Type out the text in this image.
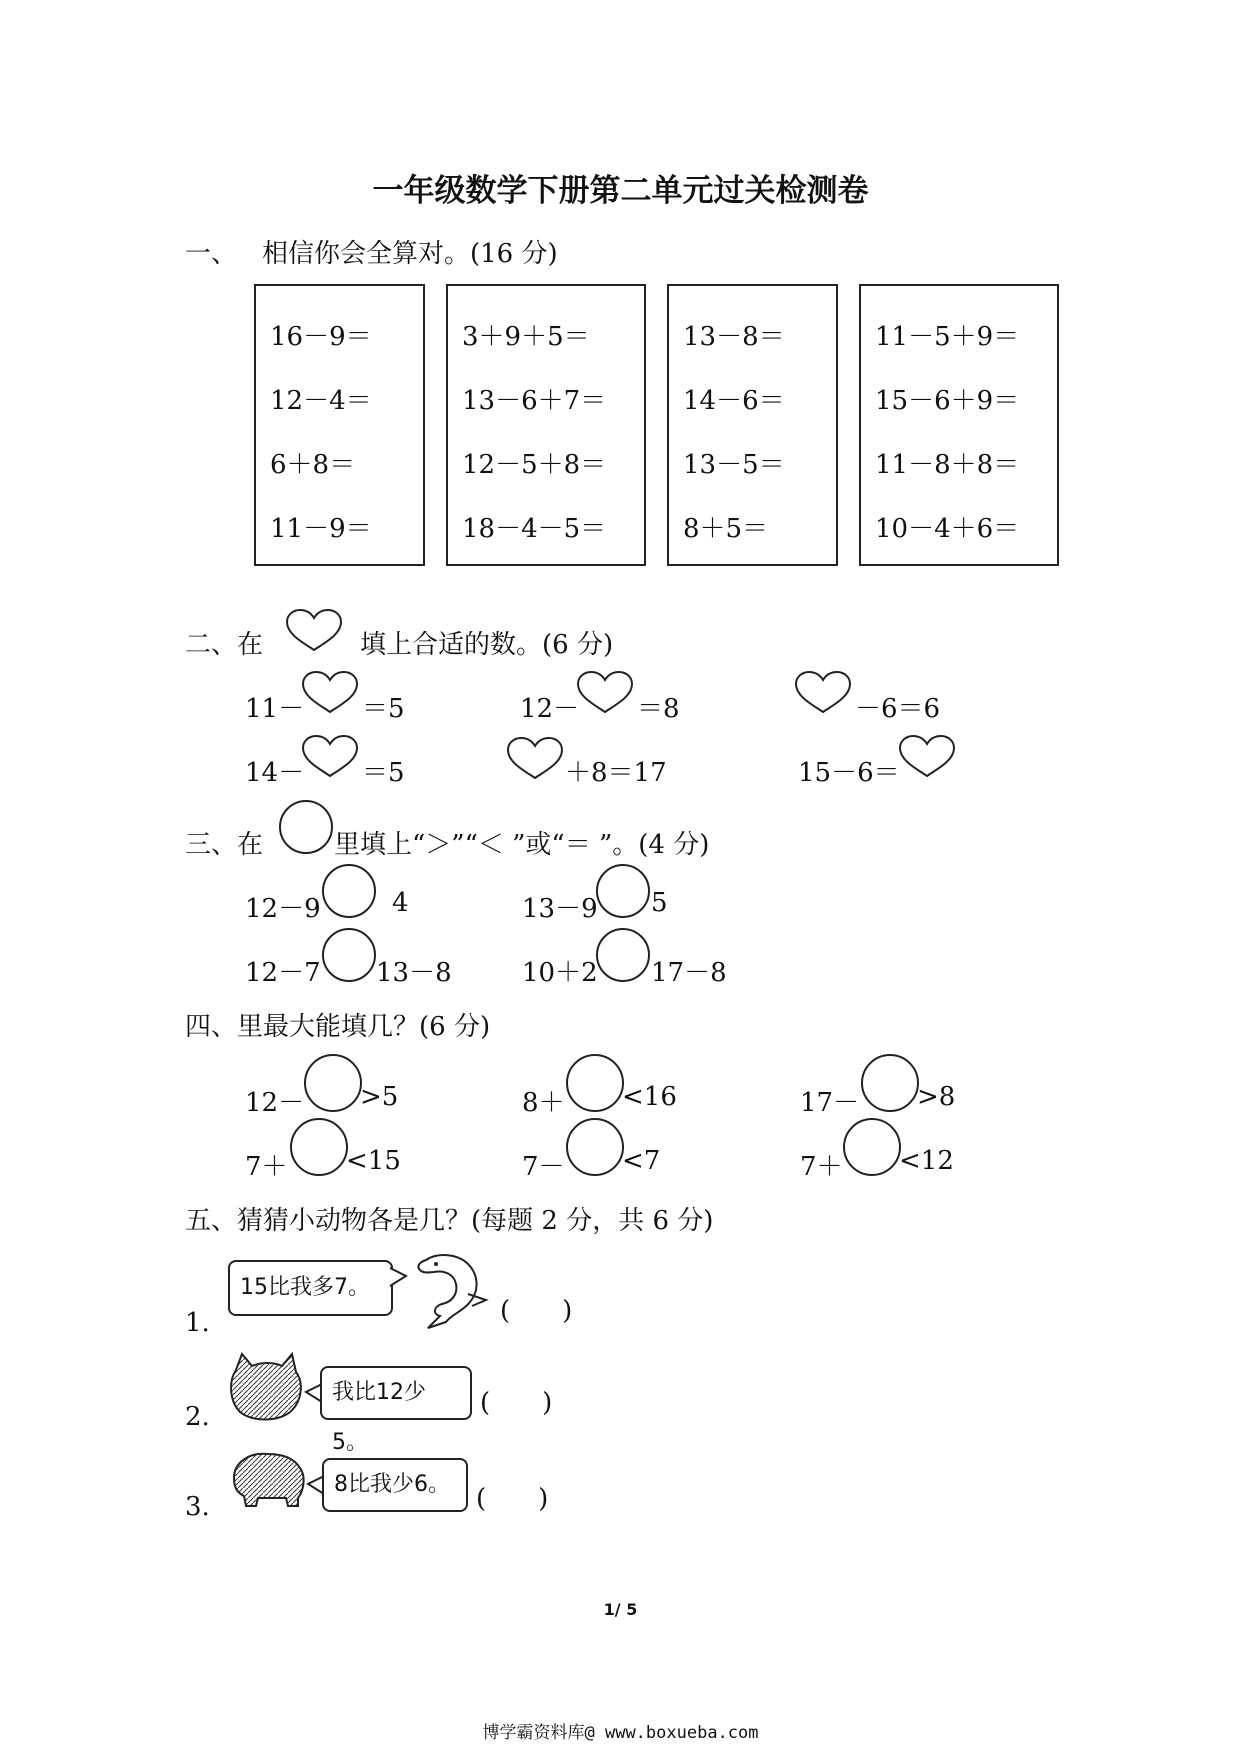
一年级数学下册第二单元过关检测卷
一、 相信你会全算对。(16 分)
16－9＝
12－4＝
6＋8＝
11－9＝
3＋9＋5＝
13－6＋7＝
12－5＋8＝
18－4－5＝
13－8＝
14－6＝
13－5＝
8＋5＝
11－5＋9＝
15－6＋9＝
11－8＋8＝
10－4＋6＝
二、在	填上合适的数。(6 分)
11－ ＝5	12－ ＝8	－6＝6
14－ ＝5	＋8＝17	15－6＝
三、在	里填上“＞”“＜ ”或“＝ ”。(4 分)
12－9	4	13－9 5
12－7 13－8	10＋2 17－8
四、里最大能填几？(6 分)
12－ >5	8＋ <16	17－ >8
7＋ <15	7－ <7	7＋ <12
五、猜猜小动物各是几？(每题 2 分，共 6 分)
1.
15比我多7。
(　　)
2.
我比12少5。
(　　)
3.
8比我少6。	(　　)
1/ 5
博学霸资料库@ www.boxueba.com
